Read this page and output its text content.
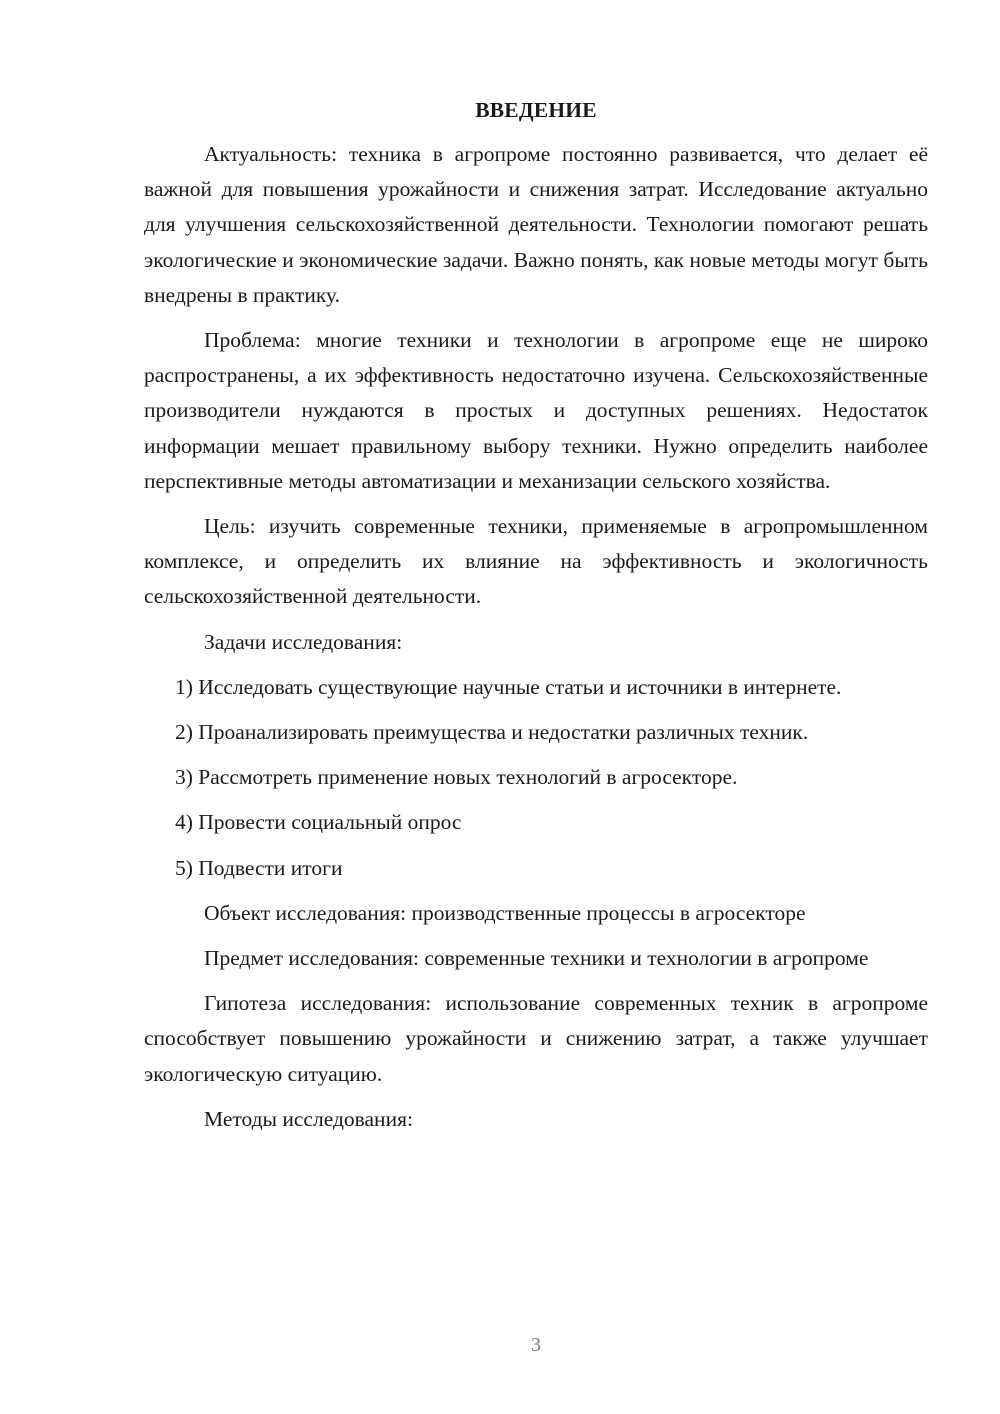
ВВЕДЕНИЕ

Актуальность: техника в агропроме постоянно развивается, что делает её важной для повышения урожайности и снижения затрат. Исследование актуально для улучшения сельскохозяйственной деятельности. Технологии помогают решать экологические и экономические задачи. Важно понять, как новые методы могут быть внедрены в практику.

Проблема: многие техники и технологии в агропроме еще не широко распространены, а их эффективность недостаточно изучена. Сельскохозяйственные производители нуждаются в простых и доступных решениях. Недостаток информации мешает правильному выбору техники. Нужно определить наиболее перспективные методы автоматизации и механизации сельского хозяйства.

Цель: изучить современные техники, применяемые в агропромышленном комплексе, и определить их влияние на эффективность и экологичность сельскохозяйственной деятельности.

Задачи исследования:

1) Исследовать существующие научные статьи и источники в интернете.

2) Проанализировать преимущества и недостатки различных техник.

3) Рассмотреть применение новых технологий в агросекторе.

4) Провести социальный опрос

5) Подвести итоги

Объект исследования: производственные процессы в агросекторе

Предмет исследования: современные техники и технологии в агропроме

Гипотеза исследования: использование современных техник в агропроме способствует повышению урожайности и снижению затрат, а также улучшает экологическую ситуацию.

Методы исследования:

3
